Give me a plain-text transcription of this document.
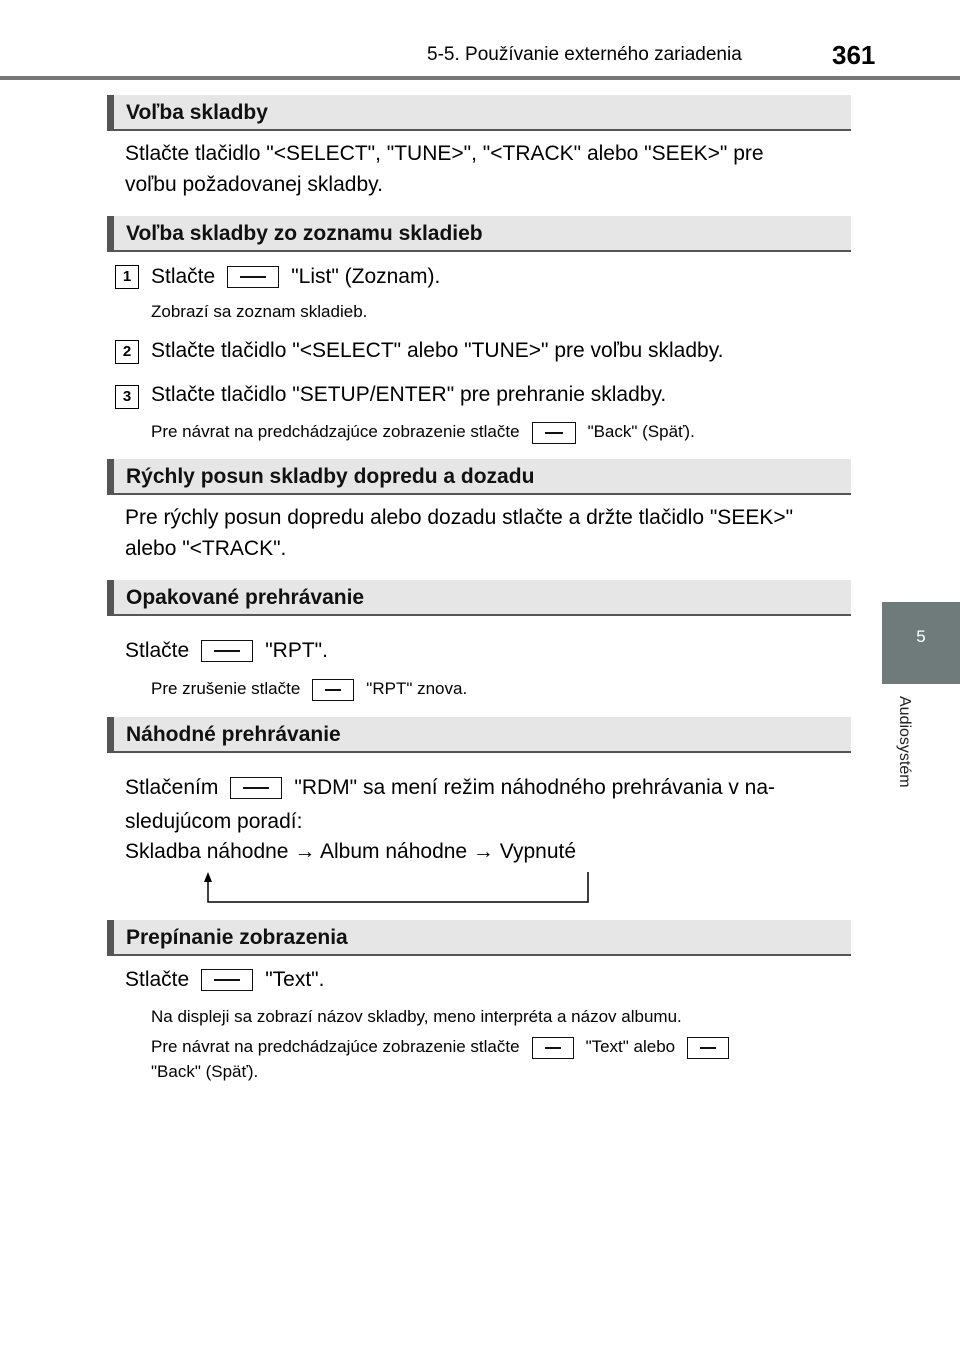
5-5. Používanie externého zariadenia	361
5
Audiosystém
Voľba skladby
Stlačte tlačidlo "<SELECT", "TUNE>", "<TRACK" alebo "SEEK>" pre
voľbu požadovanej skladby.
Voľba skladby zo zoznamu skladieb
1 Stlačte	"List" (Zoznam).
Zobrazí sa zoznam skladieb.
2 Stlačte tlačidlo "<SELECT" alebo "TUNE>" pre voľbu skladby.
3 Stlačte tlačidlo "SETUP/ENTER" pre prehranie skladby.
Pre návrat na predchádzajúce zobrazenie stlačte	"Back" (Späť).
Rýchly posun skladby dopredu a dozadu
Pre rýchly posun dopredu alebo dozadu stlačte a držte tlačidlo "SEEK>"
alebo "<TRACK".
Opakované prehrávanie
Stlačte	"RPT".
Pre zrušenie stlačte	"RPT" znova.
Náhodné prehrávanie
Stlačením	"RDM" sa mení režim náhodného prehrávania v na-
sledujúcom poradí:
Skladba náhodne → Album náhodne → Vypnuté
Prepínanie zobrazenia
Stlačte	"Text".
Na displeji sa zobrazí názov skladby, meno interpréta a názov albumu.
Pre návrat na predchádzajúce zobrazenie stlačte	"Text" alebo
"Back" (Späť).
